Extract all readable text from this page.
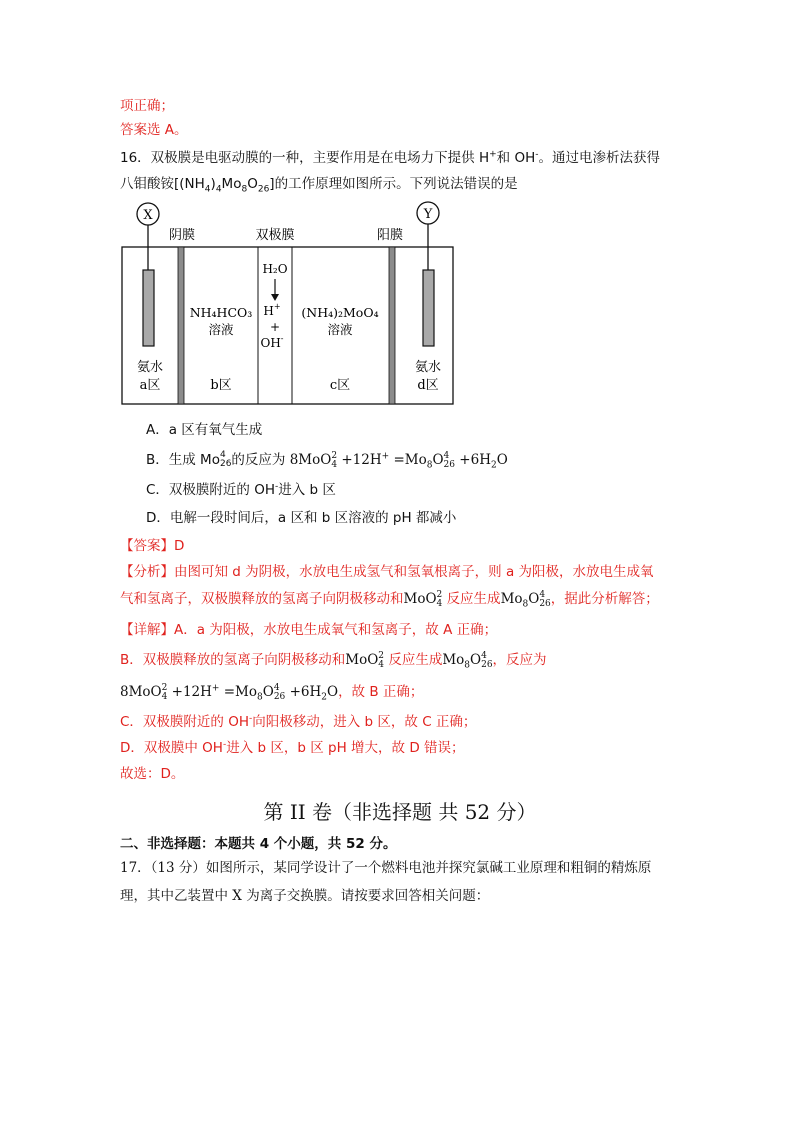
项正确；
答案选 A。
16．双极膜是电驱动膜的一种，主要作用是在电场力下提供 H+和 OH-。通过电渗析法获得
八钼酸铵$[(NH_4)_4Mo_8O_{26}]$的工作原理如图所示。下列说法错误的是
X	Y
阴膜	双极膜	阳膜
H₂O
H+
+
OH-
NH₄HCO₃
溶液
(NH₄)₂MoO₄
溶液
氨水
a区	b区	c区
氨水
d区
A．a 区有氧气生成
B．生成 Mo 4
26 的反应为 8MoO 2
$4 +12H^+ =Mo_8O$ 4
$26 +6H_2O$
C．双极膜附近的 OH-进入 b 区
D．电解一段时间后，a 区和 b 区溶液的 pH 都减小
【答案】D
【分析】由图可知 d 为阴极，水放电生成氢气和氢氧根离子，则 a 为阳极，水放电生成氧
气和氢离子，双极膜释放的氢离子向阴极移动和MoO 2
4 反应生成$Mo_8O$ 4
26 ，据此分析解答；
【详解】A．a 为阳极，水放电生成氧气和氢离子，故 A 正确；
B．双极膜释放的氢离子向阴极移动和MoO 2
4 反应生成$Mo_8O$ 4
26 ，反应为
8MoO 2
$4 +12H^+ =Mo_8O$ 4
$26 +6H_2O$，故 B 正确；
C．双极膜附近的 OH-向阳极移动，进入 b 区，故 C 正确；
D．双极膜中 OH-进入 b 区，b 区 pH 增大，故 D 错误；
故选：D。
第 II 卷（非选择题 共 52 分）
二、非选择题：本题共 4 个小题，共 52 分。
17．（13 分）如图所示，某同学设计了一个燃料电池并探究氯碱工业原理和粗铜的精炼原
理，其中乙装置中 X 为离子交换膜。请按要求回答相关问题：
